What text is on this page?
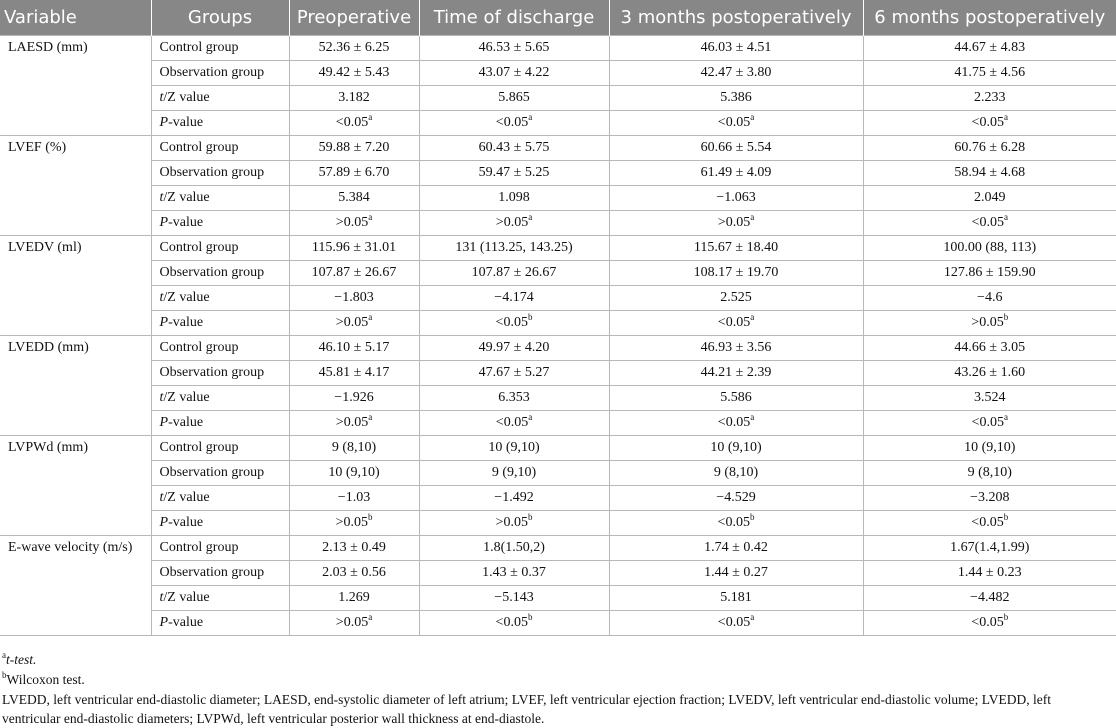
Variable	Groups	Preoperative	Time of discharge	3 months postoperatively	6 months postoperatively
LAESD (mm)	Control group	52.36 ± 6.25	46.53 ± 5.65	46.03 ± 4.51	44.67 ± 4.83
	Observation group	49.42 ± 5.43	43.07 ± 4.22	42.47 ± 3.80	41.75 ± 4.56
	t/Z value	3.182	5.865	5.386	2.233
	P-value	<0.05$^a$	<0.05$^a$	<0.05$^a$	<0.05$^a$
LVEF (%)	Control group	59.88 ± 7.20	60.43 ± 5.75	60.66 ± 5.54	60.76 ± 6.28
	Observation group	57.89 ± 6.70	59.47 ± 5.25	61.49 ± 4.09	58.94 ± 4.68
	t/Z value	5.384	1.098	−1.063	2.049
	P-value	>0.05$^a$	>0.05$^a$	>0.05$^a$	<0.05$^a$
LVEDV (ml)	Control group	115.96 ± 31.01	131 (113.25, 143.25)	115.67 ± 18.40	100.00 (88, 113)
	Observation group	107.87 ± 26.67	107.87 ± 26.67	108.17 ± 19.70	127.86 ± 159.90
	t/Z value	−1.803	−4.174	2.525	−4.6
	P-value	>0.05$^a$	<0.05$^b$	<0.05$^a$	>0.05$^b$
LVEDD (mm)	Control group	46.10 ± 5.17	49.97 ± 4.20	46.93 ± 3.56	44.66 ± 3.05
	Observation group	45.81 ± 4.17	47.67 ± 5.27	44.21 ± 2.39	43.26 ± 1.60
	t/Z value	−1.926	6.353	5.586	3.524
	P-value	>0.05$^a$	<0.05$^a$	<0.05$^a$	<0.05$^a$
LVPWd (mm)	Control group	9 (8,10)	10 (9,10)	10 (9,10)	10 (9,10)
	Observation group	10 (9,10)	9 (9,10)	9 (8,10)	9 (8,10)
	t/Z value	−1.03	−1.492	−4.529	−3.208
	P-value	>0.05$^b$	>0.05$^b$	<0.05$^b$	<0.05$^b$
E-wave velocity (m/s)	Control group	2.13 ± 0.49	1.8(1.50,2)	1.74 ± 0.42	1.67(1.4,1.99)
	Observation group	2.03 ± 0.56	1.43 ± 0.37	1.44 ± 0.27	1.44 ± 0.23
	t/Z value	1.269	−5.143	5.181	−4.482
	P-value	>0.05$^a$	<0.05$^b$	<0.05$^a$	<0.05$^b$
$^a$t-test.
$^b$Wilcoxon test.
LVEDD, left ventricular end-diastolic diameter; LAESD, end-systolic diameter of left atrium; LVEF, left ventricular ejection fraction; LVEDV, left ventricular end-diastolic volume; LVEDD, left ventricular end-diastolic diameters; LVPWd, left ventricular posterior wall thickness at end-diastole.
